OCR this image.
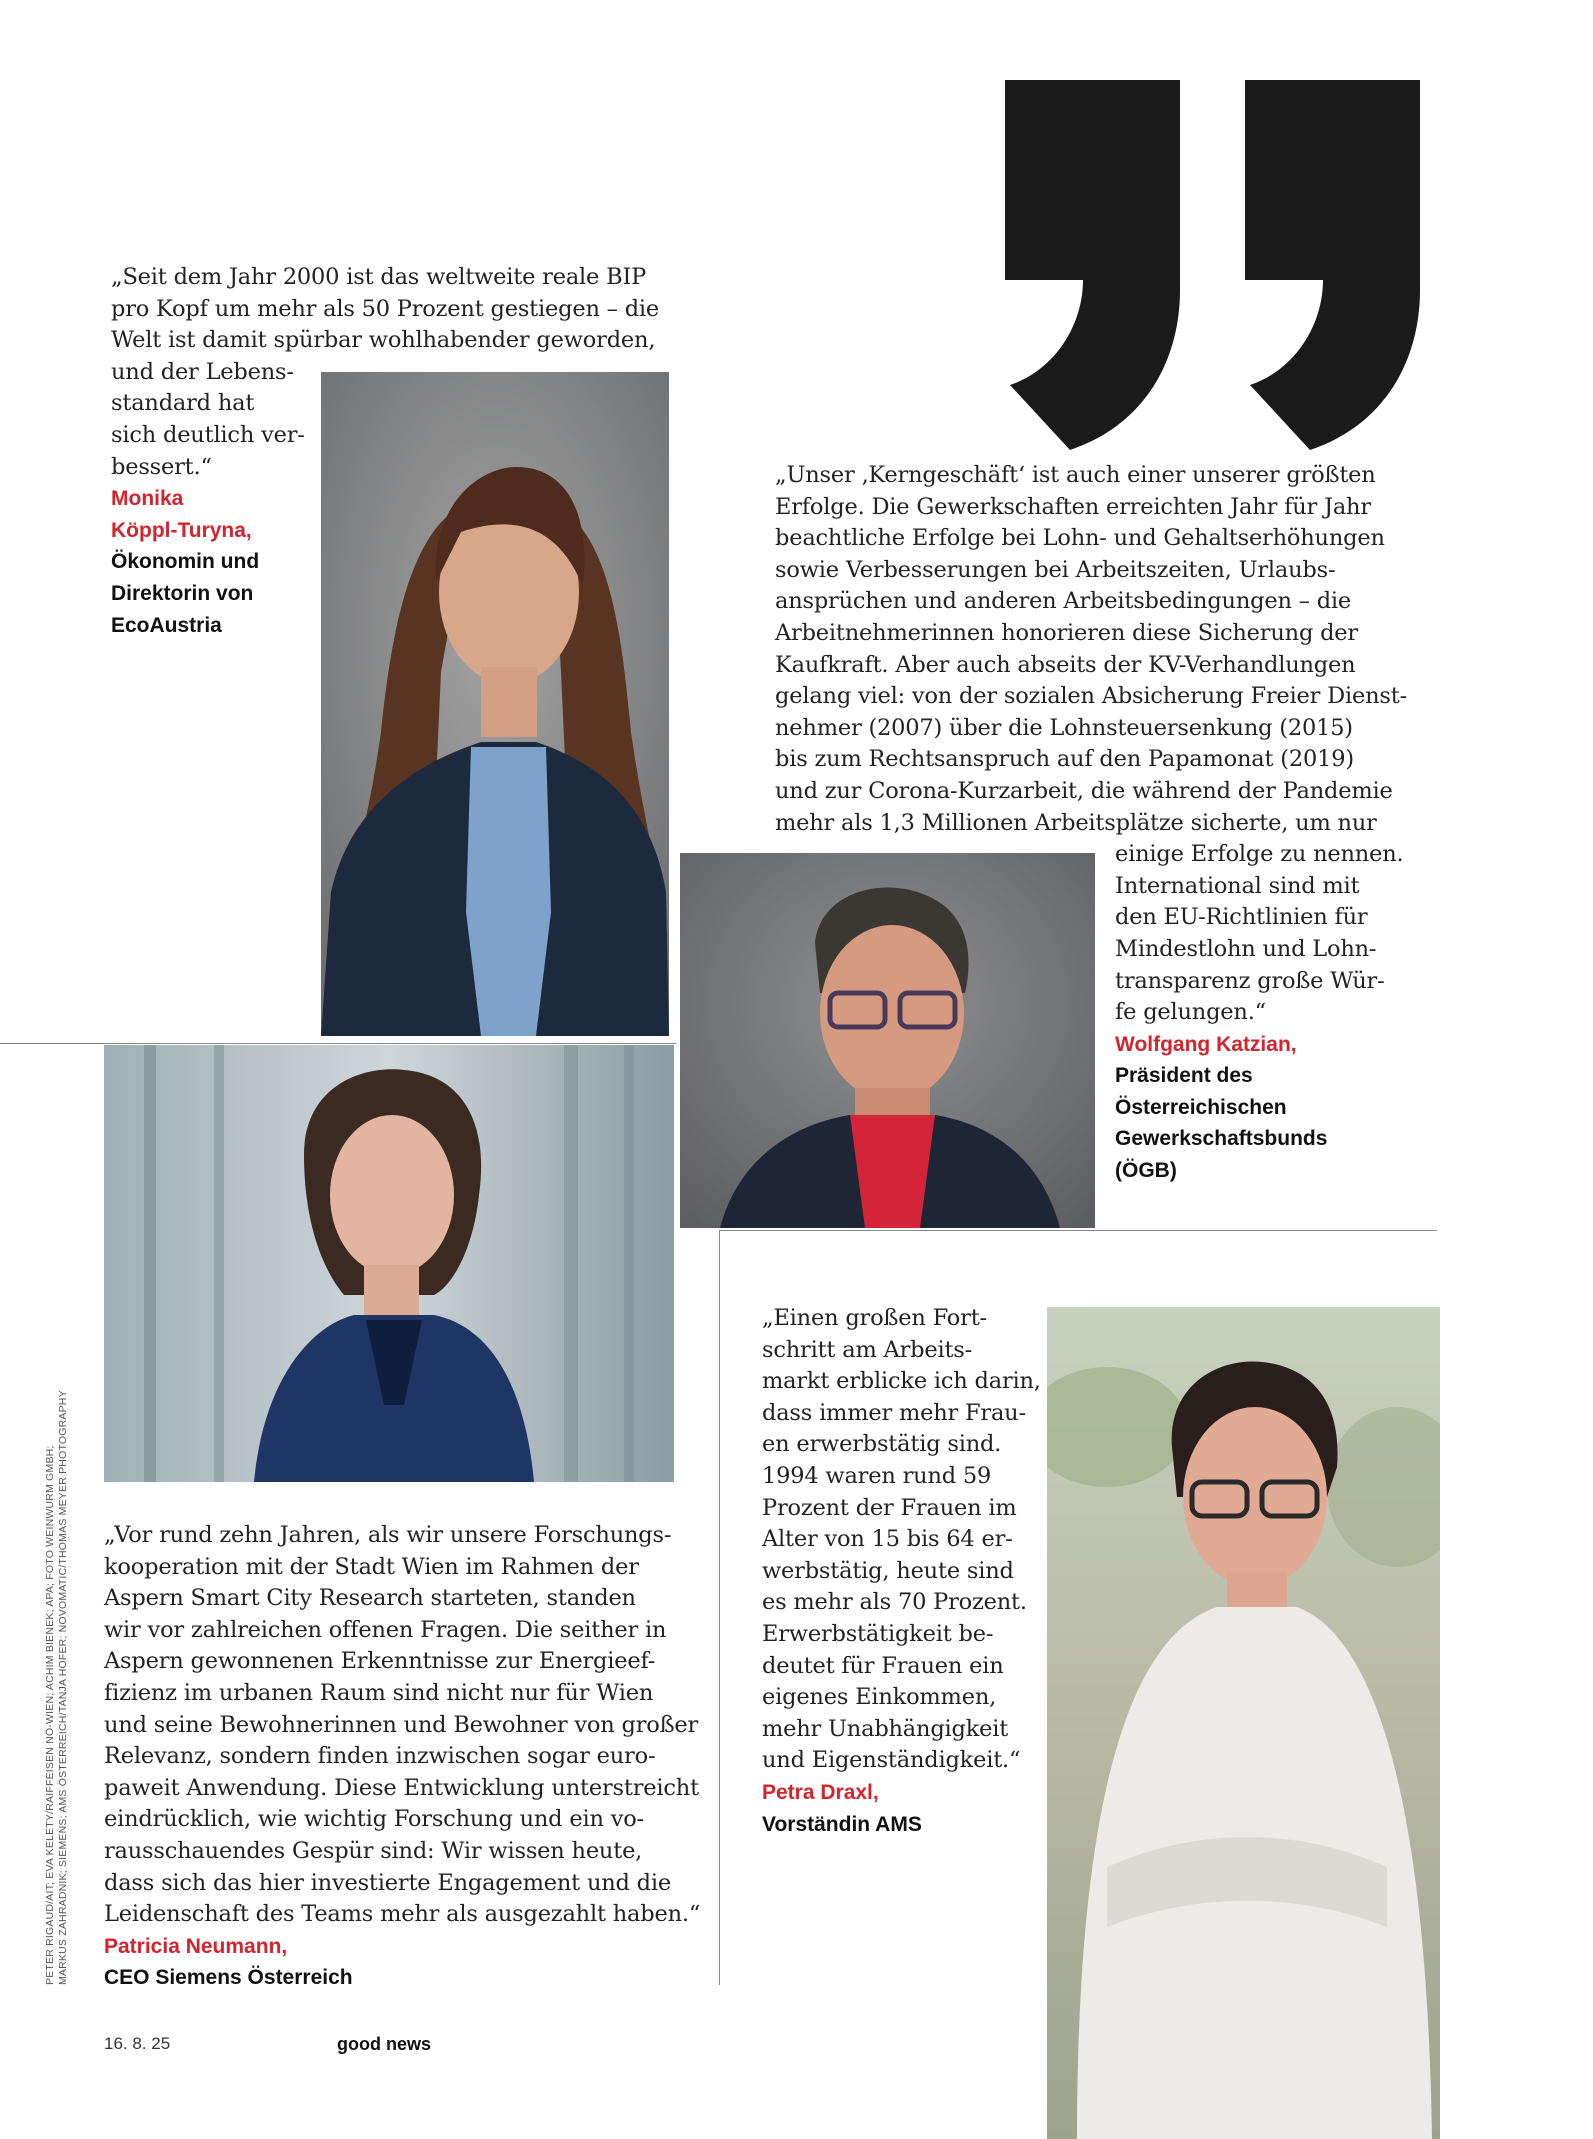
„Seit dem Jahr 2000 ist das weltweite reale BIP
pro Kopf um mehr als 50 Prozent gestiegen – die
Welt ist damit spürbar wohlhabender geworden,
und der Lebens-
standard hat
sich deutlich ver-
bessert.“
Monika
Köppl-Turyna,
Ökonomin und
Direktorin von
EcoAustria
„Unser ‚Kerngeschäft‘ ist auch einer unserer größten
Erfolge. Die Gewerkschaften erreichten Jahr für Jahr
beachtliche Erfolge bei Lohn- und Gehaltserhöhungen
sowie Verbesserungen bei Arbeitszeiten, Urlaubs-
ansprüchen und anderen Arbeitsbedingungen – die
Arbeitnehmerinnen honorieren diese Sicherung der
Kaufkraft. Aber auch abseits der KV-Verhandlungen
gelang viel: von der sozialen Absicherung Freier Dienst-
nehmer (2007) über die Lohnsteuersenkung (2015)
bis zum Rechtsanspruch auf den Papamonat (2019)
und zur Corona-Kurzarbeit, die während der Pandemie
mehr als 1,3 Millionen Arbeitsplätze sicherte, um nur
einige Erfolge zu nennen.
International sind mit
den EU-Richtlinien für
Mindestlohn und Lohn-
transparenz große Wür-
fe gelungen.“
Wolfgang Katzian,
Präsident des
Österreichischen
Gewerkschaftsbunds
(ÖGB)
„Vor rund zehn Jahren, als wir unsere Forschungs-
kooperation mit der Stadt Wien im Rahmen der
Aspern Smart City Research starteten, standen
wir vor zahlreichen offenen Fragen. Die seither in
Aspern gewonnenen Erkenntnisse zur Energieef-
fizienz im urbanen Raum sind nicht nur für Wien
und seine Bewohnerinnen und Bewohner von großer
Relevanz, sondern finden inzwischen sogar euro-
paweit Anwendung. Diese Entwicklung unterstreicht
eindrücklich, wie wichtig Forschung und ein vo-
rausschauendes Gespür sind: Wir wissen heute,
dass sich das hier investierte Engagement und die
Leidenschaft des Teams mehr als ausgezahlt haben.“
Patricia Neumann,
CEO Siemens Österreich
„Einen großen Fort-
schritt am Arbeits-
markt erblicke ich darin,
dass immer mehr Frau-
en erwerbstätig sind.
1994 waren rund 59
Prozent der Frauen im
Alter von 15 bis 64 er-
werbstätig, heute sind
es mehr als 70 Prozent.
Erwerbstätigkeit be-
deutet für Frauen ein
eigenes Einkommen,
mehr Unabhängigkeit
und Eigenständigkeit.“
Petra Draxl,
Vorständin AMS
PETER RIGAUD/AIT; EVA KELETY/RAIFFEISEN NÖ-WIEN; ACHIM BIENEK; APA; FOTO WEINWURM GMBH; MARKUS ZAHRADNIK; SIEMENS; AMS ÖSTERREICH/TANJA HOFER; NOVOMATIC/THOMAS MEYER PHOTOGRAPHY
16. 8. 25	good news
